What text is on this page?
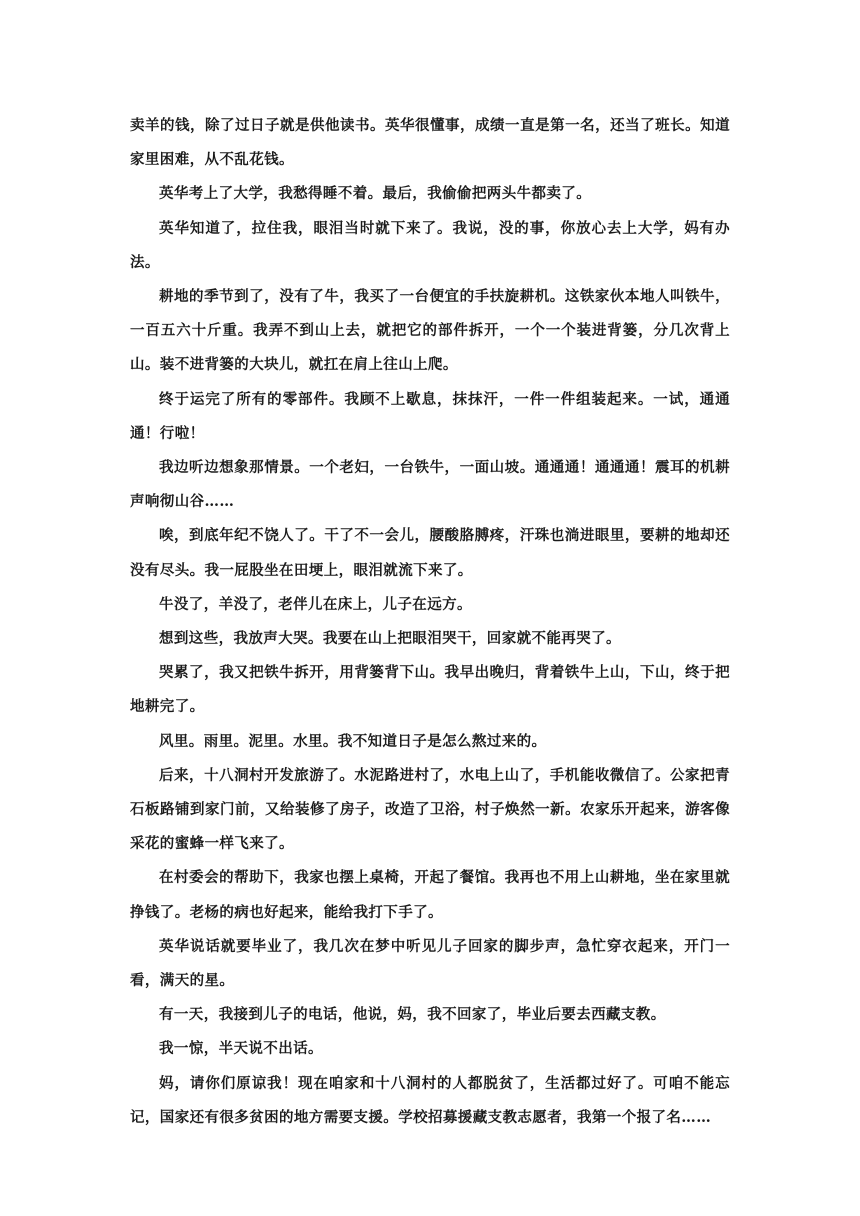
卖羊的钱，除了过日子就是供他读书。英华很懂事，成绩一直是第一名，还当了班长。知道家里困难，从不乱花钱。

英华考上了大学，我愁得睡不着。最后，我偷偷把两头牛都卖了。

英华知道了，拉住我，眼泪当时就下来了。我说，没的事，你放心去上大学，妈有办法。

耕地的季节到了，没有了牛，我买了一台便宜的手扶旋耕机。这铁家伙本地人叫铁牛，一百五六十斤重。我弄不到山上去，就把它的部件拆开，一个一个装进背篓，分几次背上山。装不进背篓的大块儿，就扛在肩上往山上爬。

终于运完了所有的零部件。我顾不上歇息，抹抹汗，一件一件组装起来。一试，通通通！行啦！

我边听边想象那情景。一个老妇，一台铁牛，一面山坡。通通通！通通通！震耳的机耕声响彻山谷……

唉，到底年纪不饶人了。干了不一会儿，腰酸胳膊疼，汗珠也淌进眼里，要耕的地却还没有尽头。我一屁股坐在田埂上，眼泪就流下来了。

牛没了，羊没了，老伴儿在床上，儿子在远方。

想到这些，我放声大哭。我要在山上把眼泪哭干，回家就不能再哭了。

哭累了，我又把铁牛拆开，用背篓背下山。我早出晚归，背着铁牛上山，下山，终于把地耕完了。

风里。雨里。泥里。水里。我不知道日子是怎么熬过来的。

后来，十八洞村开发旅游了。水泥路进村了，水电上山了，手机能收微信了。公家把青石板路铺到家门前，又给装修了房子，改造了卫浴，村子焕然一新。农家乐开起来，游客像采花的蜜蜂一样飞来了。

在村委会的帮助下，我家也摆上桌椅，开起了餐馆。我再也不用上山耕地，坐在家里就挣钱了。老杨的病也好起来，能给我打下手了。

英华说话就要毕业了，我几次在梦中听见儿子回家的脚步声，急忙穿衣起来，开门一看，满天的星。

有一天，我接到儿子的电话，他说，妈，我不回家了，毕业后要去西藏支教。

我一惊，半天说不出话。

妈，请你们原谅我！现在咱家和十八洞村的人都脱贫了，生活都过好了。可咱不能忘记，国家还有很多贫困的地方需要支援。学校招募援藏支教志愿者，我第一个报了名……
